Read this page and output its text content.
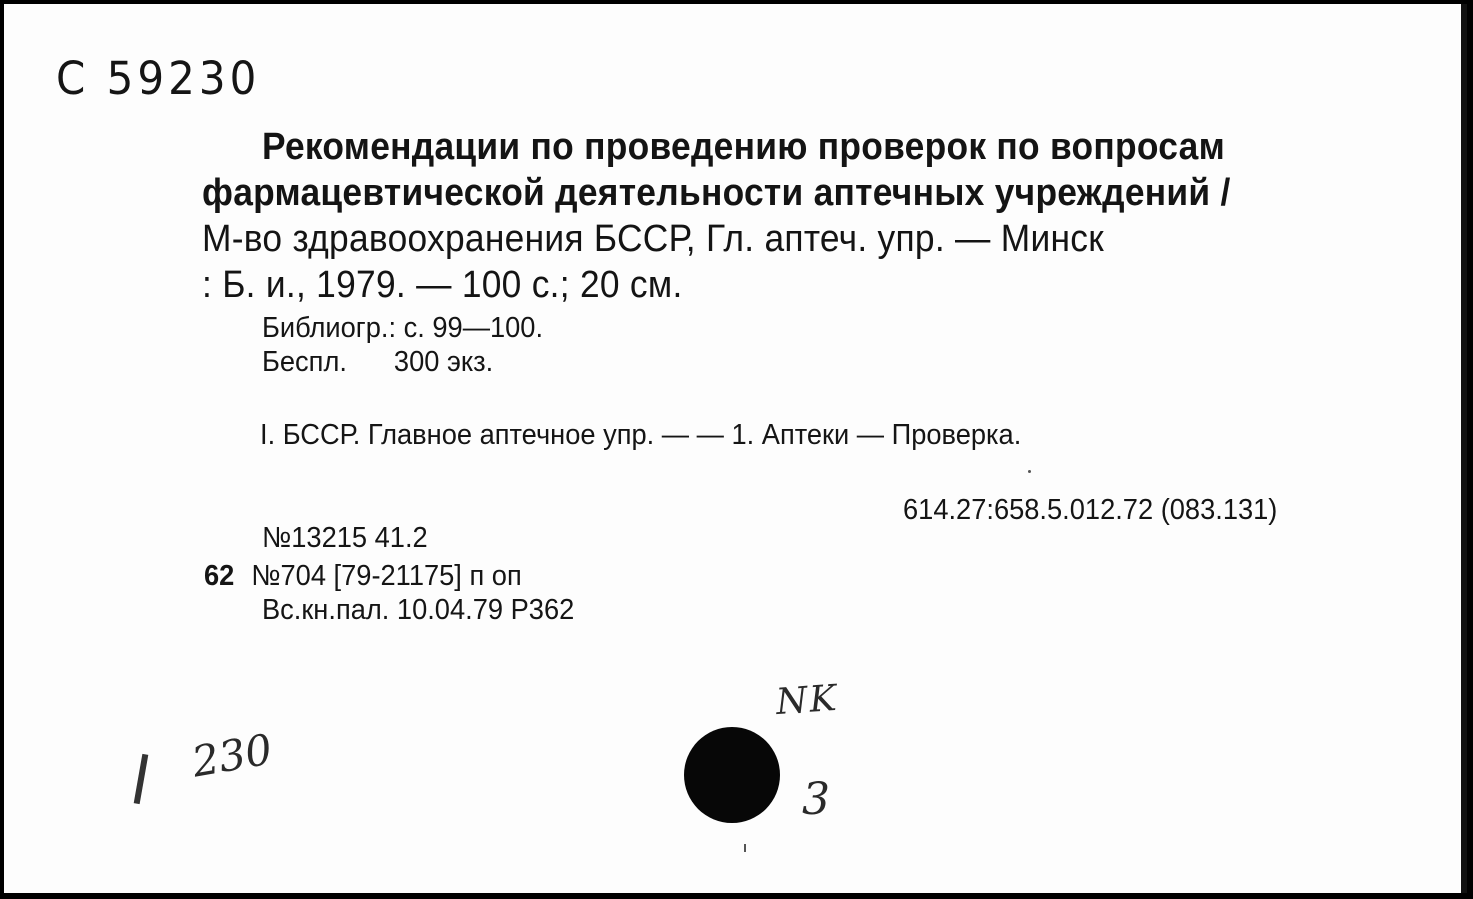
С 59230
Рекомендации по проведению проверок по вопросам
фармацевтической деятельности аптечных учреждений /
М-во здравоохранения БССР, Гл. аптеч. упр. — Минск
: Б. и., 1979. — 100 с.; 20 см.
Библиогр.: с. 99—100.
Беспл. 300 экз.
I. БССР. Главное аптечное упр. — — 1. Аптеки — Проверка.
614.27:658.5.012.72 (083.131)
№13215 41.2
62 №704 [79-21175] п оп
Вс.кн.пал. 10.04.79 Р362
NK
230
3
